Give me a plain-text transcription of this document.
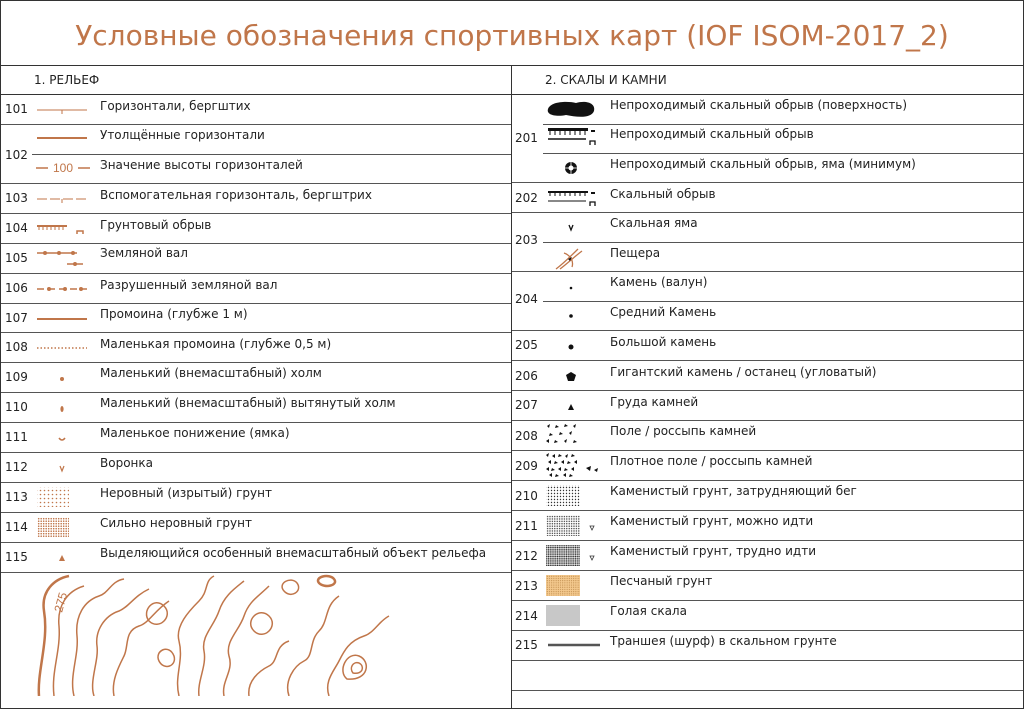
Условные обозначения спортивных карт (IOF ISOM-2017_2)
1. РЕЛЬЕФ
101	Горизонтали, бергштих
102
Утолщённые горизонтали
100 Значение высоты горизонталей
103	Вспомогательная горизонталь, бергштрих
104	Грунтовый обрыв
105	Земляной вал
106	Разрушенный земляной вал
107	Промоина (глубже 1 м)
108	Маленькая промоина (глубже 0,5 м)
109	Маленький (внемасштабный) холм
110	Маленький (внемасштабный) вытянутый холм
111	Маленькое понижение (ямка)
112	Воронка
113	Неровный (изрытый) грунт
114	Сильно неровный грунт
115	Выделяющийся особенный внемасштабный объект рельефа
275
2. СКАЛЫ И КАМНИ
201
Непроходимый скальный обрыв (поверхность)
Непроходимый скальный обрыв
Непроходимый скальный обрыв, яма (минимум)
202	Скальный обрыв
203
Скальная яма
Пещера
204
Камень (валун)
Средний Камень
205	Большой камень
206	Гигантский камень / останец (угловатый)
207	Груда камней
208	Поле / россыпь камней
209	Плотное поле / россыпь камней
210	Каменистый грунт, затрудняющий бег
211	Каменистый грунт, можно идти
212	Каменистый грунт, трудно идти
213	Песчаный грунт
214	Голая скала
215	Траншея (шурф) в скальном грунте
